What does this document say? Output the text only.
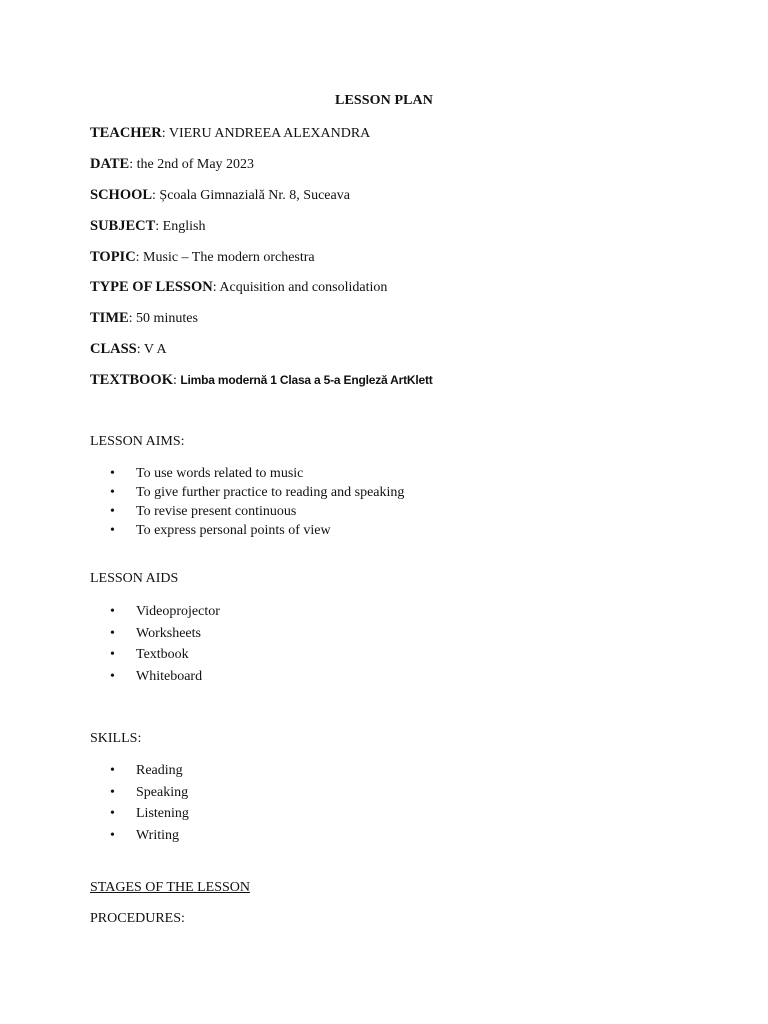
LESSON PLAN
TEACHER: VIERU ANDREEA ALEXANDRA
DATE: the 2nd of May 2023
SCHOOL: Școala Gimnazială Nr. 8, Suceava
SUBJECT: English
TOPIC: Music – The modern orchestra
TYPE OF LESSON: Acquisition and consolidation
TIME: 50 minutes
CLASS: V A
TEXTBOOK: Limba modernă 1 Clasa a 5-a Engleză ArtKlett
LESSON AIMS:
• To use words related to music
• To give further practice to reading and speaking
• To revise present continuous
• To express personal points of view
LESSON AIDS
• Videoprojector
• Worksheets
• Textbook
• Whiteboard
SKILLS:
• Reading
• Speaking
• Listening
• Writing
STAGES OF THE LESSON
PROCEDURES:
